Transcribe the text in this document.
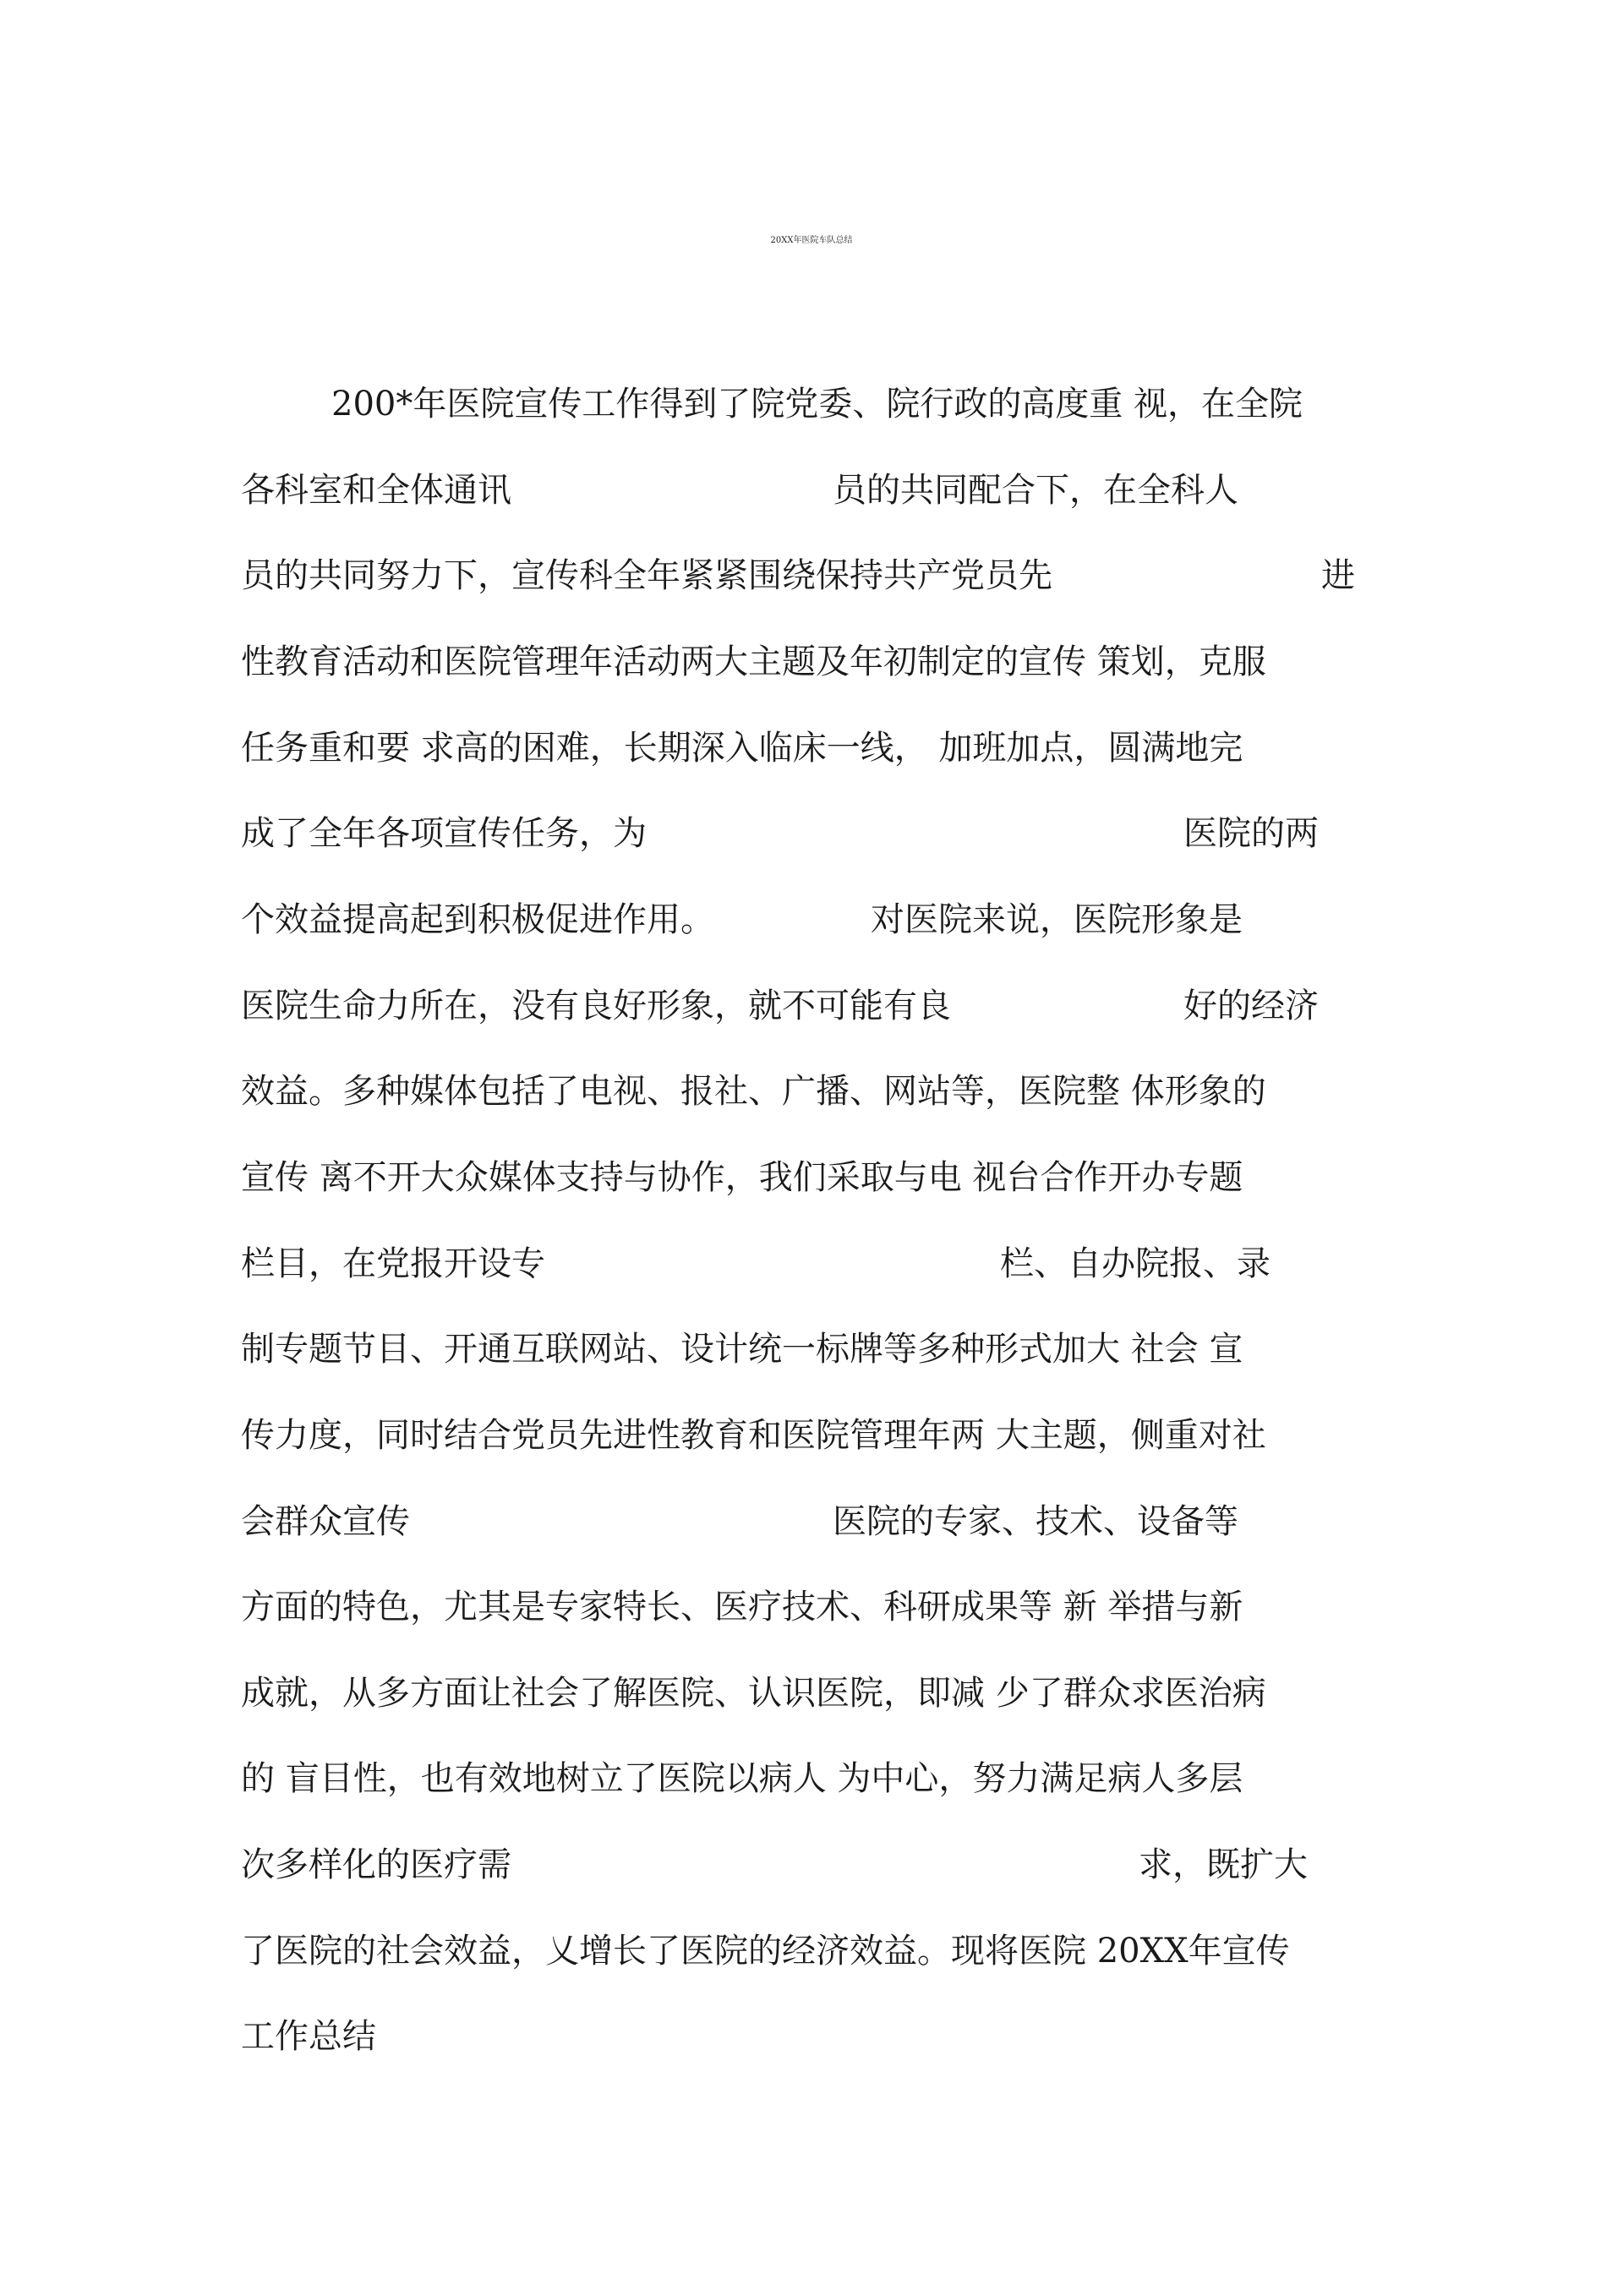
20XX年医院车队总结
200*年医院宣传工作得到了院党委、院行政的高度重 视，在全院
各科室和全体通讯	员的共同配合下，在全科人
员的共同努力下，宣传科全年紧紧围绕保持共产党员先	进
性教育活动和医院管理年活动两大主题及年初制定的宣传 策划，克服
任务重和要 求高的困难，长期深入临床一线， 加班加点，圆满地完
成了全年各项宣传任务，为	医院的两
个效益提高起到积极促进作用。	对医院来说，医院形象是
医院生命力所在，没有良好形象，就不可能有良	好的经济
效益。多种媒体包括了电视、报社、广播、网站等，医院整 体形象的
宣传 离不开大众媒体支持与协作，我们采取与电 视台合作开办专题
栏目，在党报开设专	栏、自办院报、录
制专题节目、开通互联网站、设计统一标牌等多种形式加大 社会 宣
传力度，同时结合党员先进性教育和医院管理年两 大主题，侧重对社
会群众宣传	医院的专家、技术、设备等
方面的特色，尤其是专家特长、医疗技术、科研成果等 新 举措与新
成就，从多方面让社会了解医院、认识医院，即减 少了群众求医治病
的 盲目性，也有效地树立了医院以病人 为中心，努力满足病人多层
次多样化的医疗需	求，既扩大
了医院的社会效益，乂增长了医院的经济效益。现将医院 20XX年宣传
工作总结
